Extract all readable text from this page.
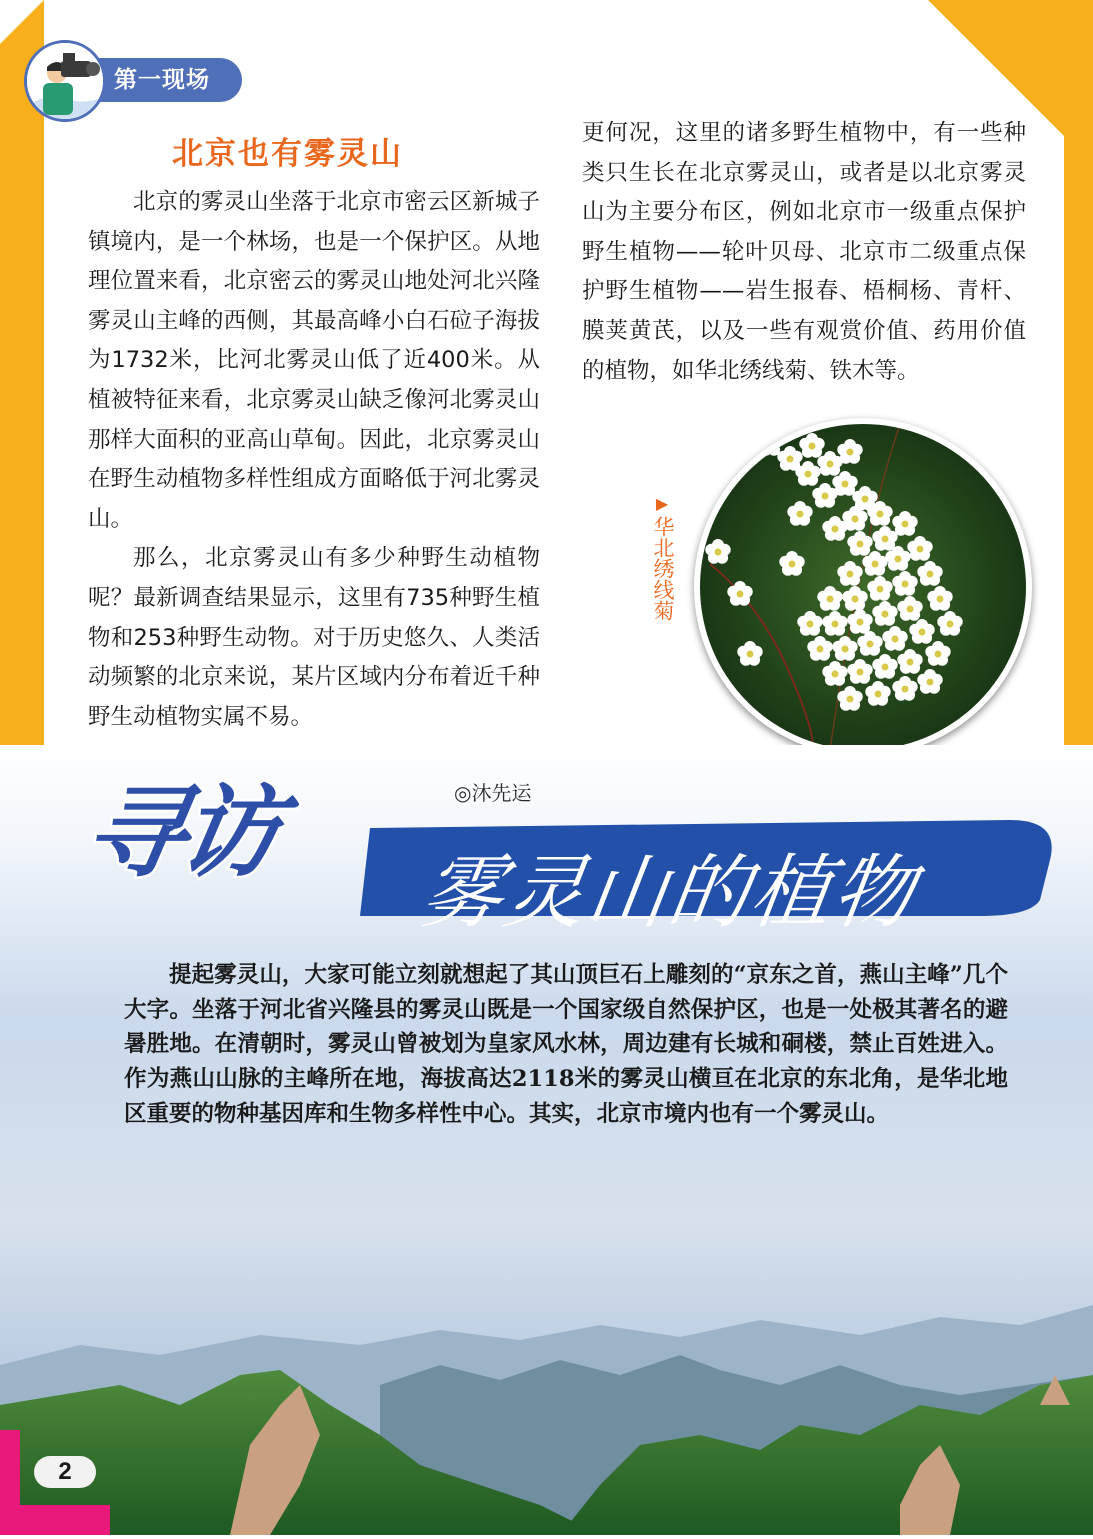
第一现场
北京也有雾灵山

北京的雾灵山坐落于北京市密云区新城子镇境内，是一个林场，也是一个保护区。从地理位置来看，北京密云的雾灵山地处河北兴隆雾灵山主峰的西侧，其最高峰小白石砬子海拔为1732米，比河北雾灵山低了近400米。从植被特征来看，北京雾灵山缺乏像河北雾灵山那样大面积的亚高山草甸。因此，北京雾灵山在野生动植物多样性组成方面略低于河北雾灵山。

那么，北京雾灵山有多少种野生动植物呢？最新调查结果显示，这里有735种野生植物和253种野生动物。对于历史悠久、人类活动频繁的北京来说，某片区域内分布着近千种野生动植物实属不易。

更何况，这里的诸多野生植物中，有一些种类只生长在北京雾灵山，或者是以北京雾灵山为主要分布区，例如北京市一级重点保护野生植物——轮叶贝母、北京市二级重点保护野生植物——岩生报春、梧桐杨、青杆、膜荚黄芪，以及一些有观赏价值、药用价值的植物，如华北绣线菊、铁木等。

▶
华北绣线菊
◎沐先运
寻访
雾灵山的植物

提起雾灵山，大家可能立刻就想起了其山顶巨石上雕刻的“京东之首，燕山主峰”几个大字。坐落于河北省兴隆县的雾灵山既是一个国家级自然保护区，也是一处极其著名的避暑胜地。在清朝时，雾灵山曾被划为皇家风水林，周边建有长城和硐楼，禁止百姓进入。作为燕山山脉的主峰所在地，海拔高达2118米的雾灵山横亘在北京的东北角，是华北地区重要的物种基因库和生物多样性中心。其实，北京市境内也有一个雾灵山。

2
